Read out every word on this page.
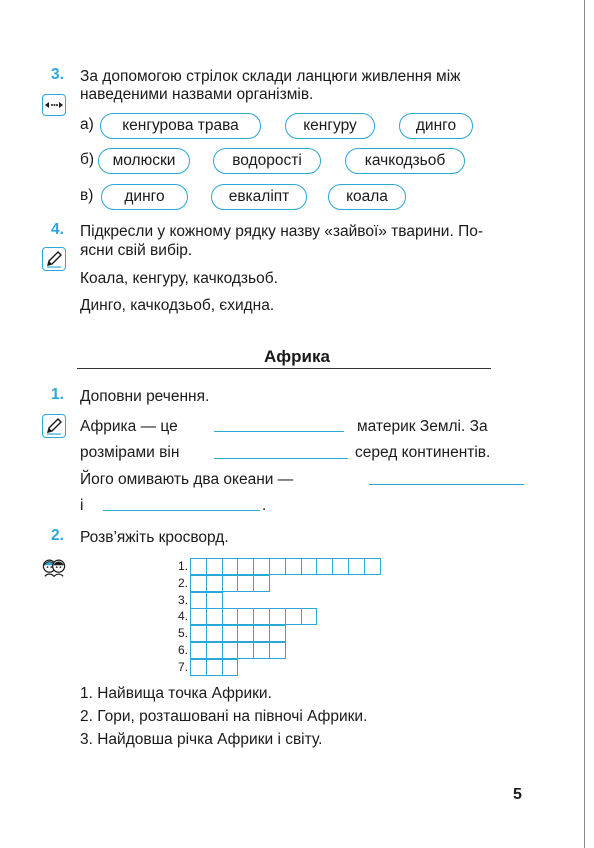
3. За допомогою стрілок склади ланцюги живлення між
наведеними назвами організмів.
а)	кенгурова трава	кенгуру	динго
б)	молюски	водорості	качкодзьоб
в)	динго	евкаліпт	коала
4. Підкресли у кожному рядку назву «зайвої» тварини. По-
ясни свій вибір.
Коала, кенгуру, качкодзьоб.
Динго, качкодзьоб, єхидна.
Африка
1. Доповни речення.
Африка — це	материк Землі. За
розмірами він	серед континентів.
Його омивають два океани —
і	.
2. Розв’яжіть кросворд.
1.
2.
3.
4.
5.
6.
7.
1. Найвища точка Африки.
2. Гори, розташовані на півночі Африки.
3. Найдовша річка Африки і світу.
5
